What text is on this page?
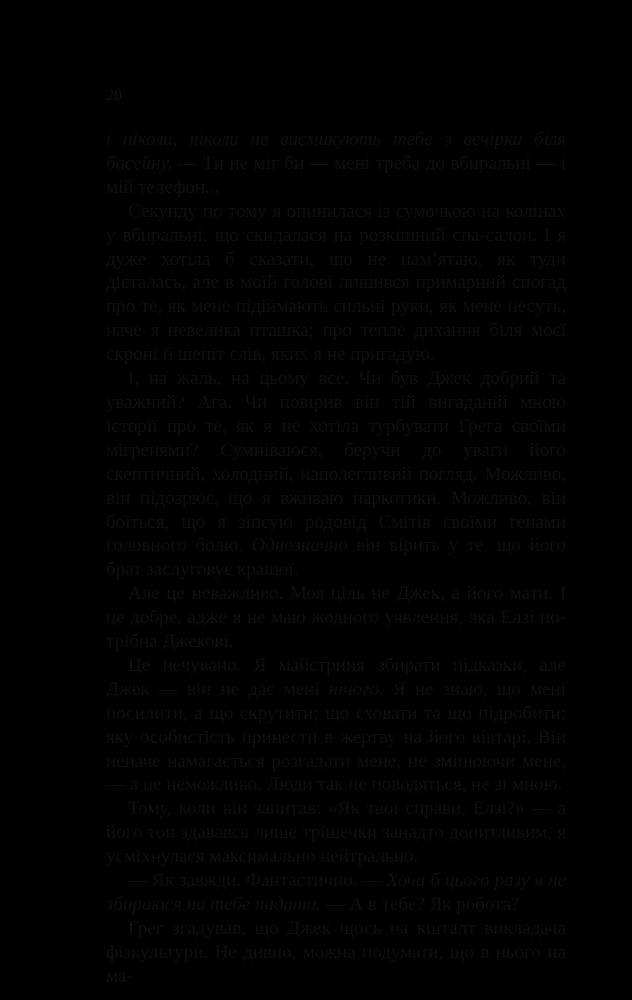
20

і ніколи, ніколи не висмикують тебе з вечірки біля басейну. — Ти не міг би — мені треба до вбиральні — і мій телефон...

Секунду по тому я опинилася із сумочкою на колінах у вбиральні, що скидалася на розкішний спа-салон. І я дуже хотіла б сказати, що не пам’ятаю, як туди дісталась, але в моїй голові лишився примарний спогад про те, як мене підіймають сильні руки, як мене несуть, наче я невелика пташка; про тепле дихання біля моєї скроні й шепіт слів, яких я не пригадую.

І, на жаль, на цьому все. Чи був Джек добрий та уважний? Ага. Чи повірив він тій вигаданій мною історії про те, як я не хотіла турбувати Грега своїми мігренями? Сумніваюся, беручи до уваги його скептичний, холодний, наполегливий погляд. Можливо, він підозрює, що я вживаю наркотики. Можливо, він боїться, що я зіпсую родовід Смітів своїми генами головного болю. Однозначно він вірить у те, що його брат заслуговує кращої.

Але це неважливо. Моя ціль не Джек, а його мати. І це добре, адже я не маю жодного уявлення, яка Елзі потрібна Джекові.

Це нечувано. Я майстриня збирати підказки, але Джек — він не дає мені нічого. Я не знаю, що мені посилити, а що скрутити; що сховати та що підробити; яку особистість принести в жертву на його вівтарі. Він неначе намагається розгадати мене, не змінюючи мене, — а це неможливо. Люди так не поводяться, не зі мною.

Тому, коли він запитав: «Як твої справи, Елзі?» — а його тон здавався лише трішечки занадто допитливим, я усміхнулася максимально нейтрально.

— Як завжди. Фантастично. — Хоча б цього разу я не збираюся на тебе падати. — А в тебе? Як робота?

Грег згадував, що Джек щось на кшталт викладача фізкультури. Не дивно, можна подумати, що в нього на ма-
